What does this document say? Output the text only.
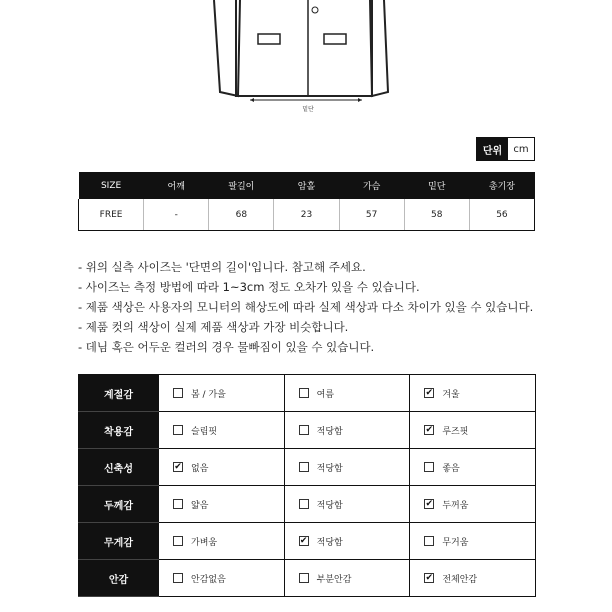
밑단
단위	cm
SIZE	어깨	팔길이	암홀	가슴	밑단	총기장
FREE	-	68	23	57	58	56
- 위의 실측 사이즈는 '단면의 길이'입니다. 참고해 주세요.
- 사이즈는 측정 방법에 따라 1~3cm 정도 오차가 있을 수 있습니다.
- 제품 색상은 사용자의 모니터의 해상도에 따라 실제 색상과 다소 차이가 있을 수 있습니다.
- 제품 컷의 색상이 실제 제품 색상과 가장 비슷합니다.
- 데님 혹은 어두운 컬러의 경우 물빠짐이 있을 수 있습니다.
계절감	봄 / 가을	여름	✔ 겨울

착용감	슬림핏	적당함	✔ 루즈핏

신축성	✔ 없음	적당함	좋음

두께감	얇음	적당함	✔ 두꺼움

무게감	가벼움	✔ 적당함	무거움

안감	안감없음	부분안감	✔ 전체안감
